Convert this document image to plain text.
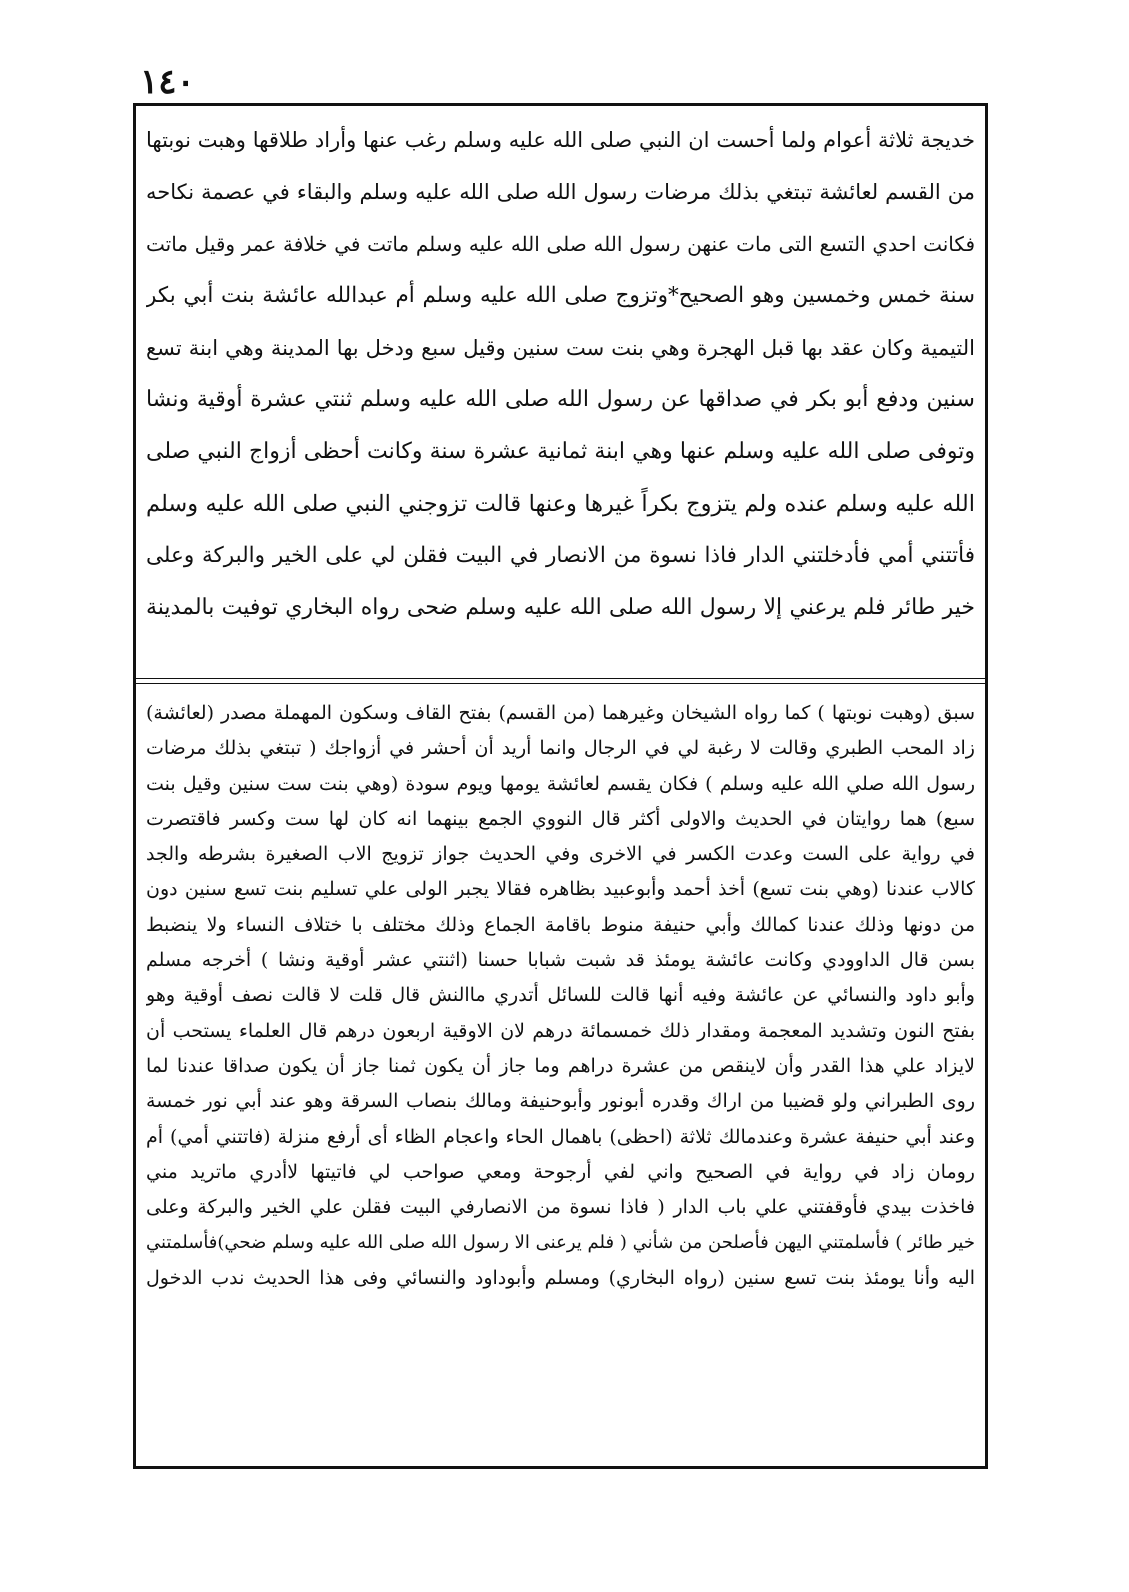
١٤٠
خديجة ثلاثة أعوام ولما أحست ان النبي صلى الله عليه وسلم رغب عنها وأراد طلاقها وهبت نوبتها
من القسم لعائشة تبتغي بذلك مرضات رسول الله صلى الله عليه وسلم والبقاء في عصمة نكاحه
فكانت احدي التسع التى مات عنهن رسول الله صلى الله عليه وسلم ماتت في خلافة عمر وقيل ماتت
سنة خمس وخمسين وهو الصحيح*وتزوج صلى الله عليه وسلم أم عبدالله عائشة بنت أبي بكر
التيمية وكان عقد بها قبل الهجرة وهي بنت ست سنين وقيل سبع ودخل بها المدينة وهي ابنة تسع
سنين ودفع أبو بكر في صداقها عن رسول الله صلى الله عليه وسلم ثنتي عشرة أوقية ونشا
وتوفى صلى الله عليه وسلم عنها وهي ابنة ثمانية عشرة سنة وكانت أحظى أزواج النبي صلى
الله عليه وسلم عنده ولم يتزوج بكراً غيرها وعنها قالت تزوجني النبي صلى الله عليه وسلم
فأتتني أمي فأدخلتني الدار فاذا نسوة من الانصار في البيت فقلن لي على الخير والبركة وعلى
خير طائر فلم يرعني إلا رسول الله صلى الله عليه وسلم ضحى رواه البخاري توفيت بالمدينة
سبق (وهبت نوبتها ) كما رواه الشيخان وغيرهما (من القسم) بفتح القاف وسكون المهملة مصدر (لعائشة)
زاد المحب الطبري وقالت لا رغبة لي في الرجال وانما أريد أن أحشر في أزواجك ( تبتغي بذلك مرضات
رسول الله صلي الله عليه وسلم ) فكان يقسم لعائشة يومها ويوم سودة (وهي بنت ست سنين وقيل بنت
سبع) هما روايتان في الحديث والاولى أكثر قال النووي الجمع بينهما انه كان لها ست وكسر فاقتصرت
في رواية على الست وعدت الكسر في الاخرى وفي الحديث جواز تزويج الاب الصغيرة بشرطه والجد
كالاب عندنا (وهي بنت تسع) أخذ أحمد وأبوعبيد بظاهره فقالا يجبر الولى علي تسليم بنت تسع سنين دون
من دونها وذلك عندنا كمالك وأبي حنيفة منوط باقامة الجماع وذلك مختلف با ختلاف النساء ولا ينضبط
بسن قال الداوودي وكانت عائشة يومئذ قد شبت شبابا حسنا (اثنتي عشر أوقية ونشا ) أخرجه مسلم
وأبو داود والنسائي عن عائشة وفيه أنها قالت للسائل أتدري ماالنش قال قلت لا قالت نصف أوقية وهو
بفتح النون وتشديد المعجمة ومقدار ذلك خمسمائة درهم لان الاوقية اربعون درهم قال العلماء يستحب أن
لايزاد علي هذا القدر وأن لاينقص من عشرة دراهم وما جاز أن يكون ثمنا جاز أن يكون صداقا عندنا لما
روى الطبراني ولو قضيبا من اراك وقدره أبونور وأبوحنيفة ومالك بنصاب السرقة وهو عند أبي نور خمسة
وعند أبي حنيفة عشرة وعندمالك ثلاثة (احظى) باهمال الحاء واعجام الظاء أى أرفع منزلة (فاتتني أمي) أم
رومان زاد في رواية في الصحيح واني لفي أرجوحة ومعي صواحب لي فاتيتها لاأدري ماتريد مني
فاخذت بيدي فأوقفتني علي باب الدار ( فاذا نسوة من الانصارفي البيت فقلن علي الخير والبركة وعلى
خير طائر ) فأسلمتني اليهن فأصلحن من شأني ( فلم يرعنى الا رسول الله صلى الله عليه وسلم ضحي)فأسلمتني
اليه وأنا يومئذ بنت تسع سنين (رواه البخاري) ومسلم وأبوداود والنسائي وفى هذا الحديث ندب الدخول
